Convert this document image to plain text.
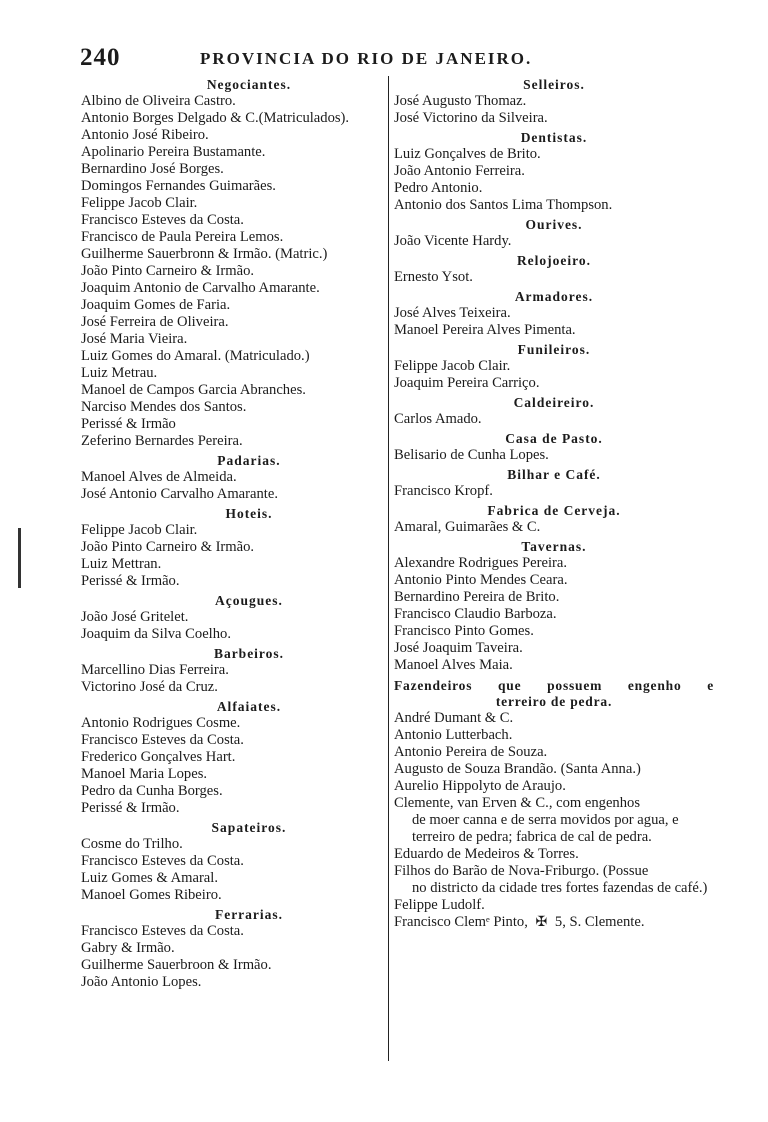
240	PROVINCIA DO RIO DE JANEIRO.
Negociantes.
Albino de Oliveira Castro.
Antonio Borges Delgado & C.(Matriculados).
Antonio José Ribeiro.
Apolinario Pereira Bustamante.
Bernardino José Borges.
Domingos Fernandes Guimarães.
Felippe Jacob Clair.
Francisco Esteves da Costa.
Francisco de Paula Pereira Lemos.
Guilherme Sauerbronn & Irmão. (Matric.)
João Pinto Carneiro & Irmão.
Joaquim Antonio de Carvalho Amarante.
Joaquim Gomes de Faria.
José Ferreira de Oliveira.
José Maria Vieira.
Luiz Gomes do Amaral. (Matriculado.)
Luiz Metrau.
Manoel de Campos Garcia Abranches.
Narciso Mendes dos Santos.
Perissé & Irmão
Zeferino Bernardes Pereira.
Padarias.
Manoel Alves de Almeida.
José Antonio Carvalho Amarante.
Hoteis.
Felippe Jacob Clair.
João Pinto Carneiro & Irmão.
Luiz Mettran.
Perissé & Irmão.
Açougues.
João José Gritelet.
Joaquim da Silva Coelho.
Barbeiros.
Marcellino Dias Ferreira.
Victorino José da Cruz.
Alfaiates.
Antonio Rodrigues Cosme.
Francisco Esteves da Costa.
Frederico Gonçalves Hart.
Manoel Maria Lopes.
Pedro da Cunha Borges.
Perissé & Irmão.
Sapateiros.
Cosme do Trilho.
Francisco Esteves da Costa.
Luiz Gomes & Amaral.
Manoel Gomes Ribeiro.
Ferrarias.
Francisco Esteves da Costa.
Gabry & Irmão.
Guilherme Sauerbroon & Irmão.
João Antonio Lopes.
Selleiros.
José Augusto Thomaz.
José Victorino da Silveira.
Dentistas.
Luiz Gonçalves de Brito.
João Antonio Ferreira.
Pedro Antonio.
Antonio dos Santos Lima Thompson.
Ourives.
João Vicente Hardy.
Relojoeiro.
Ernesto Ysot.
Armadores.
José Alves Teixeira.
Manoel Pereira Alves Pimenta.
Funileiros.
Felippe Jacob Clair.
Joaquim Pereira Carriço.
Caldeireiro.
Carlos Amado.
Casa de Pasto.
Belisario de Cunha Lopes.
Bilhar e Café.
Francisco Kropf.
Fabrica de Cerveja.
Amaral, Guimarães & C.
Tavernas.
Alexandre Rodrigues Pereira.
Antonio Pinto Mendes Ceara.
Bernardino Pereira de Brito.
Francisco Claudio Barboza.
Francisco Pinto Gomes.
José Joaquim Taveira.
Manoel Alves Maia.
Fazendeiros que possuem engenho e
terreiro de pedra.
André Dumant & C.
Antonio Lutterbach.
Antonio Pereira de Souza.
Augusto de Souza Brandão. (Santa Anna.)
Aurelio Hippolyto de Araujo.
Clemente, van Erven & C., com engenhos
de moer canna e de serra movidos por agua, e terreiro de pedra; fabrica de cal de pedra.
Eduardo de Medeiros & Torres.
Filhos do Barão de Nova-Friburgo. (Possue
no districto da cidade tres fortes fazendas de café.)
Felippe Ludolf.
Francisco Clemᵉ Pinto, ✠ 5, S. Clemente.
